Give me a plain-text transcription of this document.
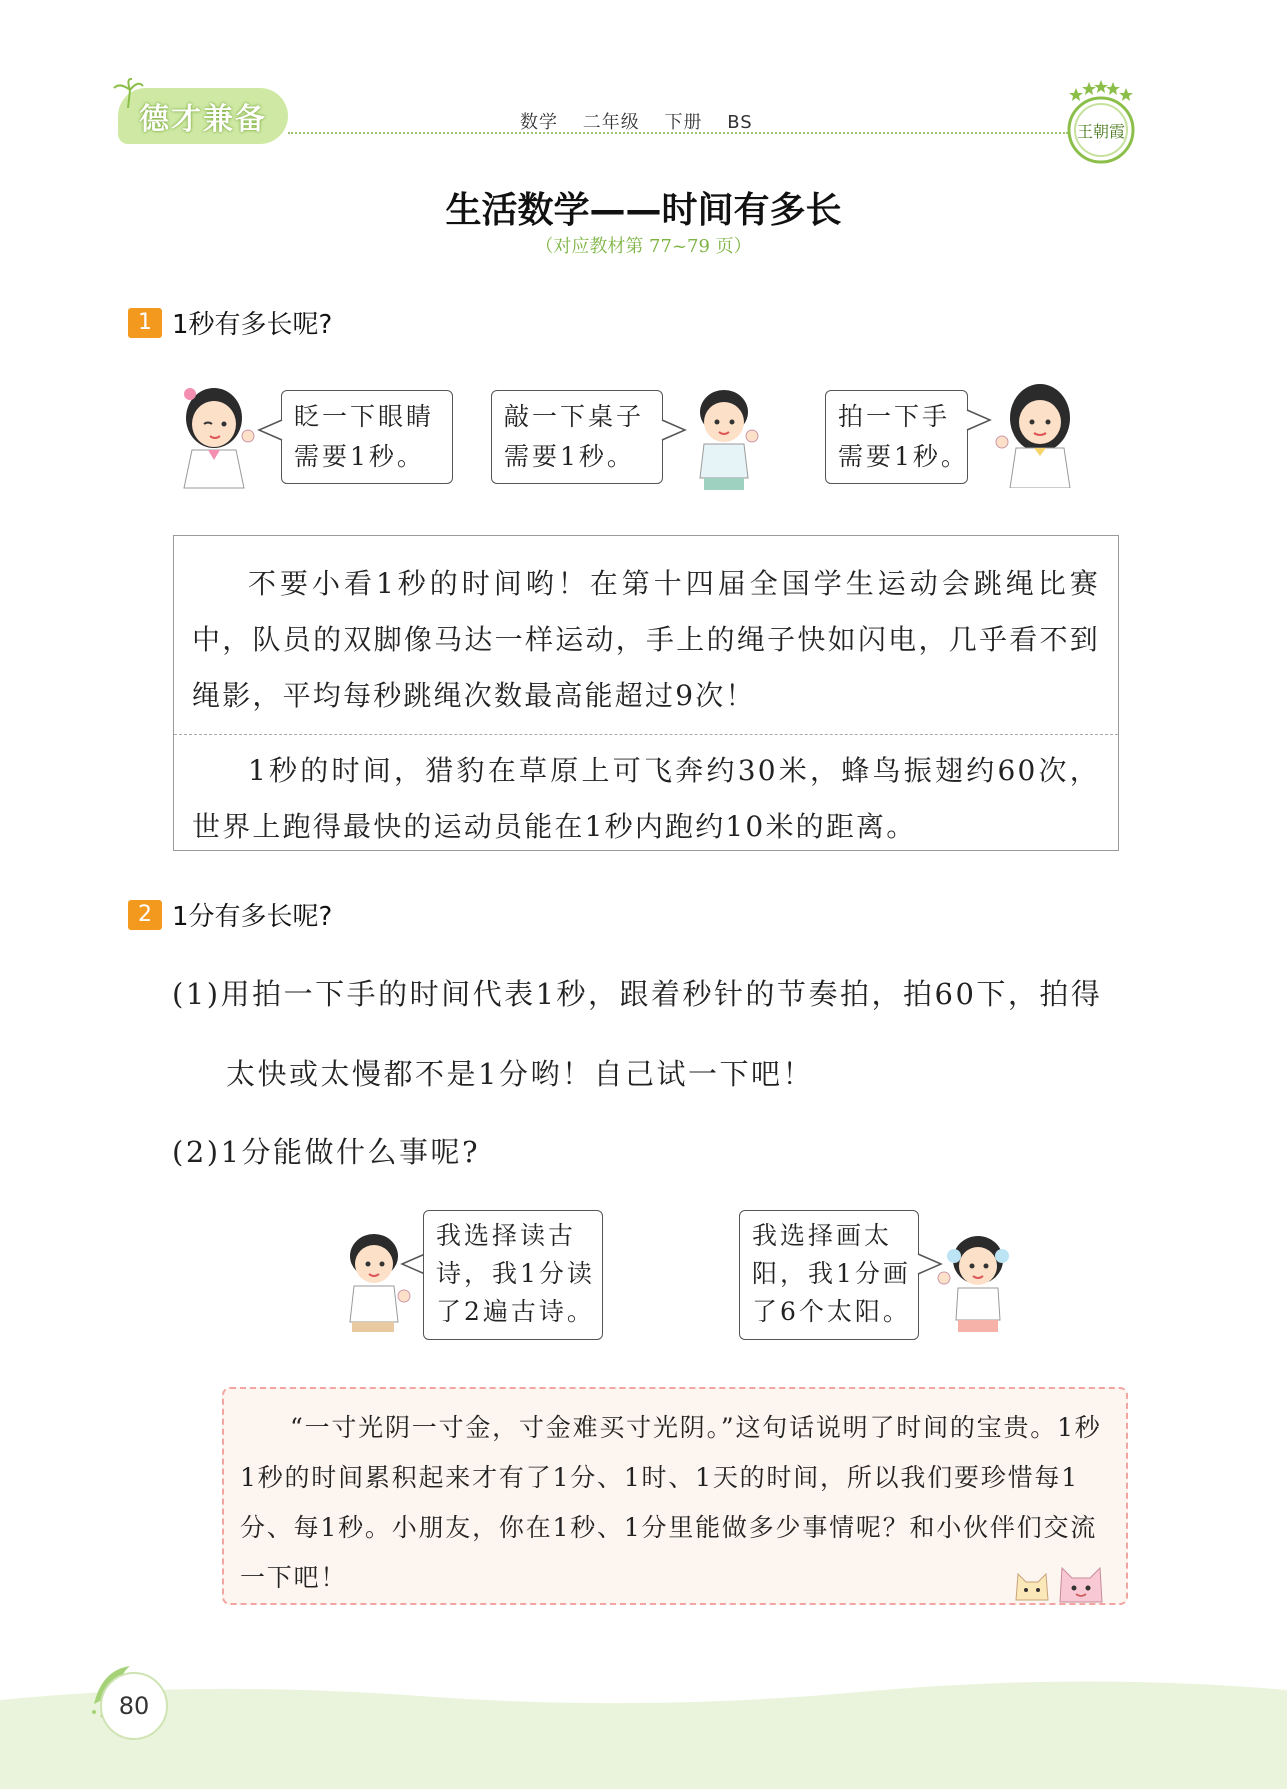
德才兼备	数学 二年级 下册 BS	王朝霞
生活数学——时间有多长
（对应教材第 77~79 页）
1 1秒有多长呢?
眨一下眼睛
需要1秒。
敲一下桌子
需要1秒。
拍一下手
需要1秒。
不要小看1秒的时间哟！在第十四届全国学生运动会跳绳比赛中，队员的双脚像马达一样运动，手上的绳子快如闪电，几乎看不到绳影，平均每秒跳绳次数最高能超过9次！
1秒的时间，猎豹在草原上可飞奔约30米，蜂鸟振翅约60次，世界上跑得最快的运动员能在1秒内跑约10米的距离。
2 1分有多长呢?
(1)用拍一下手的时间代表1秒，跟着秒针的节奏拍，拍60下，拍得
太快或太慢都不是1分哟！自己试一下吧！
(2)1分能做什么事呢?
我选择读古
诗，我1分读
了2遍古诗。
我选择画太
阳，我1分画
了6个太阳。
“一寸光阴一寸金，寸金难买寸光阴。”这句话说明了时间的宝贵。1秒1秒的时间累积起来才有了1分、1时、1天的时间，所以我们要珍惜每1分、每1秒。小朋友，你在1秒、1分里能做多少事情呢？和小伙伴们交流一下吧！
80
